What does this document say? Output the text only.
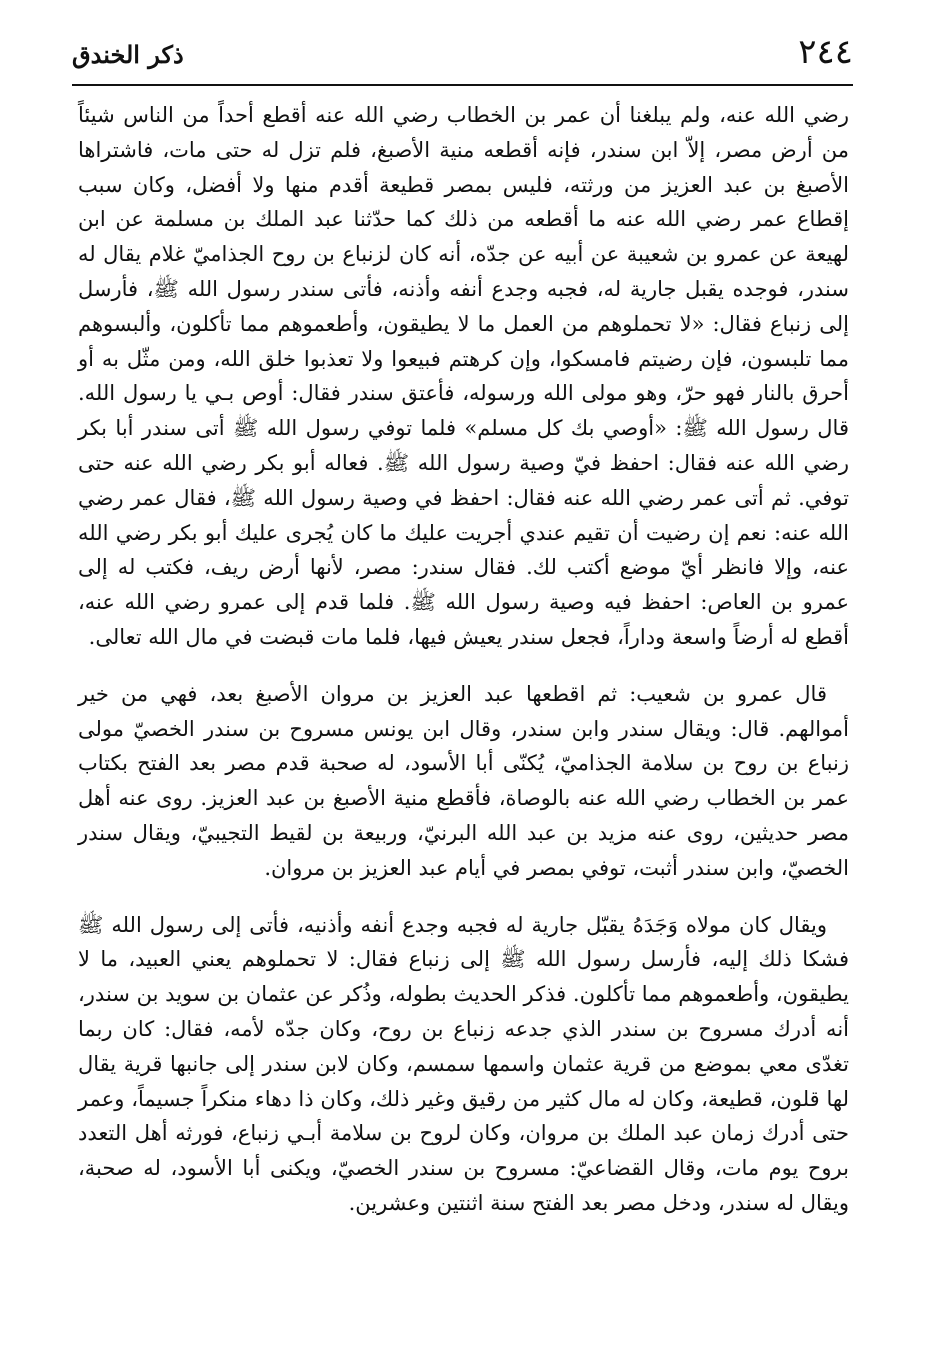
٢٤٤
ذكر الخندق

رضي الله عنه، ولم يبلغنا أن عمر بن الخطاب رضي الله عنه أقطع أحداً من الناس شيئاً من أرض مصر، إلاّ ابن سندر، فإنه أقطعه منية الأصبغ، فلم تزل له حتى مات، فاشتراها الأصبغ بن عبد العزيز من ورثته، فليس بمصر قطيعة أقدم منها ولا أفضل، وكان سبب إقطاع عمر رضي الله عنه ما أقطعه من ذلك كما حدّثنا عبد الملك بن مسلمة عن ابن لهيعة عن عمرو بن شعيبة عن أبيه عن جدّه، أنه كان لزنباع بن روح الجذاميّ غلام يقال له سندر، فوجده يقبل جارية له، فجبه وجدع أنفه وأذنه، فأتى سندر رسول الله ﷺ، فأرسل إلى زنباع فقال: «لا تحملوهم من العمل ما لا يطيقون، وأطعموهم مما تأكلون، وألبسوهم مما تلبسون، فإن رضيتم فامسكوا، وإن كرهتم فبيعوا ولا تعذبوا خلق الله، ومن مثّل به أو أحرق بالنار فهو حرّ، وهو مولى الله ورسوله، فأعتق سندر فقال: أوص بـي يا رسول الله. قال رسول الله ﷺ: «أوصي بك كل مسلم» فلما توفي رسول الله ﷺ أتى سندر أبا بكر رضي الله عنه فقال: احفظ فيّ وصية رسول الله ﷺ. فعاله أبو بكر رضي الله عنه حتى توفي. ثم أتى عمر رضي الله عنه فقال: احفظ في وصية رسول الله ﷺ، فقال عمر رضي الله عنه: نعم إن رضيت أن تقيم عندي أجريت عليك ما كان يُجرى عليك أبو بكر رضي الله عنه، وإلا فانظر أيّ موضع أكتب لك. فقال سندر: مصر، لأنها أرض ريف، فكتب له إلى عمرو بن العاص: احفظ فيه وصية رسول الله ﷺ. فلما قدم إلى عمرو رضي الله عنه، أقطع له أرضاً واسعة وداراً، فجعل سندر يعيش فيها، فلما مات قبضت في مال الله تعالى.

قال عمرو بن شعيب: ثم اقطعها عبد العزيز بن مروان الأصبغ بعد، فهي من خير أموالهم. قال: ويقال سندر وابن سندر، وقال ابن يونس مسروح بن سندر الخصيّ مولى زنباع بن روح بن سلامة الجذاميّ، يُكنّى أبا الأسود، له صحبة قدم مصر بعد الفتح بكتاب عمر بن الخطاب رضي الله عنه بالوصاة، فأقطع منية الأصبغ بن عبد العزيز. روى عنه أهل مصر حديثين، روى عنه مزيد بن عبد الله البرنيّ، وربيعة بن لقيط التجيبيّ، ويقال سندر الخصيّ، وابن سندر أثبت، توفي بمصر في أيام عبد العزيز بن مروان.

ويقال كان مولاه وَجَدَهُ يقبّل جارية له فجبه وجدع أنفه وأذنيه، فأتى إلى رسول الله ﷺ فشكا ذلك إليه، فأرسل رسول الله ﷺ إلى زنباع فقال: لا تحملوهم يعني العبيد، ما لا يطيقون، وأطعموهم مما تأكلون. فذكر الحديث بطوله، وذُكر عن عثمان بن سويد بن سندر، أنه أدرك مسروح بن سندر الذي جدعه زنباع بن روح، وكان جدّه لأمه، فقال: كان ربما تغدّى معي بموضع من قرية عثمان واسمها سمسم، وكان لابن سندر إلى جانبها قرية يقال لها قلون، قطيعة، وكان له مال كثير من رقيق وغير ذلك، وكان ذا دهاء منكراً جسيماً، وعمر حتى أدرك زمان عبد الملك بن مروان، وكان لروح بن سلامة أبـي زنباع، فورثه أهل التعدد بروح يوم مات، وقال القضاعيّ: مسروح بن سندر الخصيّ، ويكنى أبا الأسود، له صحبة، ويقال له سندر، ودخل مصر بعد الفتح سنة اثنتين وعشرين.
